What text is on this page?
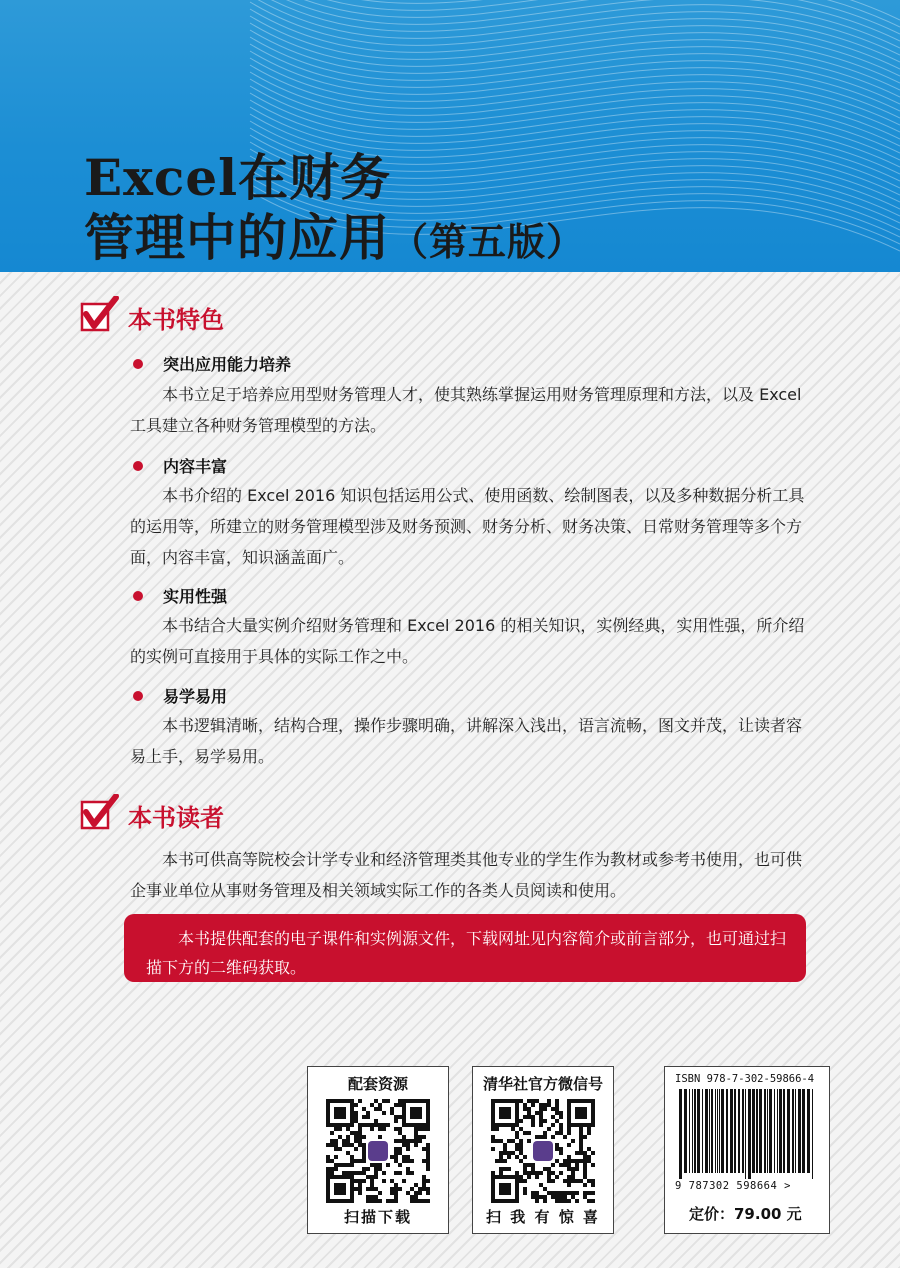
Excel在财务
管理中的应用（第五版）
本书特色
突出应用能力培养
本书立足于培养应用型财务管理人才，使其熟练掌握运用财务管理原理和方法，以及 Excel 工具建立各种财务管理模型的方法。
内容丰富
本书介绍的 Excel 2016 知识包括运用公式、使用函数、绘制图表，以及多种数据分析工具的运用等，所建立的财务管理模型涉及财务预测、财务分析、财务决策、日常财务管理等多个方面，内容丰富，知识涵盖面广。
实用性强
本书结合大量实例介绍财务管理和 Excel 2016 的相关知识，实例经典，实用性强，所介绍的实例可直接用于具体的实际工作之中。
易学易用
本书逻辑清晰，结构合理，操作步骤明确，讲解深入浅出，语言流畅，图文并茂，让读者容易上手，易学易用。
本书读者
本书可供高等院校会计学专业和经济管理类其他专业的学生作为教材或参考书使用，也可供企事业单位从事财务管理及相关领域实际工作的各类人员阅读和使用。

本书提供配套的电子课件和实例源文件，下载网址见内容简介或前言部分，也可通过扫描下方的二维码获取。

配套资源
扫描下载
清华社官方微信号
扫 我 有 惊 喜
ISBN 978-7-302-59866-4
9 787302 598664 >
定价：79.00 元
